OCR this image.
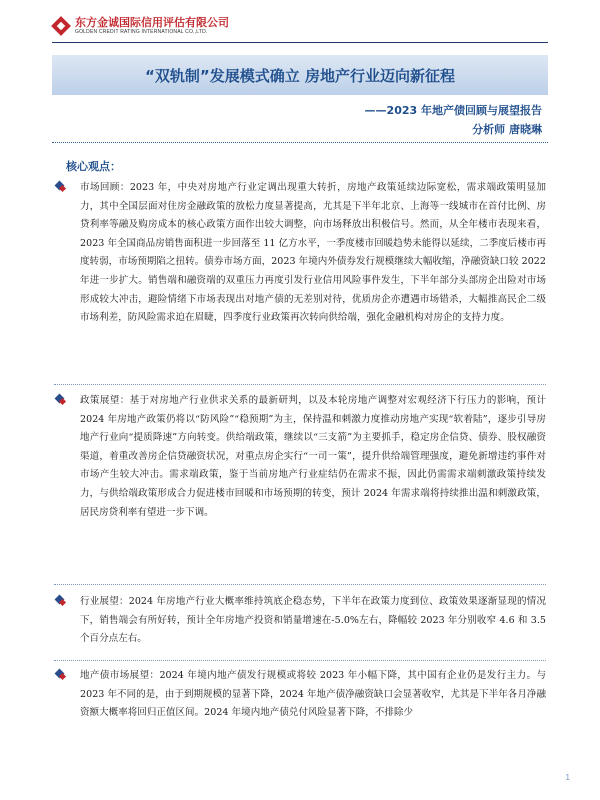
东方金诚国际信用评估有限公司
GOLDEN CREDIT RATING INTERNATIONAL CO.,LTD.
“双轨制”发展模式确立 房地产行业迈向新征程
——2023 年地产债回顾与展望报告
分析师 唐晓琳
核心观点：
市场回顾：2023 年，中央对房地产行业定调出现重大转折，房地产政策延续边际宽松，需求端政策明显加力，其中全国层面对住房金融政策的放松力度显著提高，尤其是下半年北京、上海等一线城市在首付比例、房贷利率等融及购房成本的核心政策方面作出较大调整，向市场释放出积极信号。然而，从全年楼市表现来看，2023 年全国商品房销售面积进一步回落至 11 亿方水平，一季度楼市回暖趋势未能得以延续，二季度后楼市再度转弱，市场预期陷之扭转。债券市场方面，2023 年境内外债券发行规模继续大幅收缩，净融资缺口较 2022 年进一步扩大。销售端和融资端的双重压力再度引发行业信用风险事件发生，下半年部分头部房企出险对市场形成较大冲击，避险情绪下市场表现出对地产债的无差别对待，优质房企亦遭遇市场错杀，大幅推高民企二级市场利差，防风险需求迫在眉睫，四季度行业政策再次转向供给端，强化金融机构对房企的支持力度。
政策展望：基于对房地产行业供求关系的最新研判，以及本轮房地产调整对宏观经济下行压力的影响，预计 2024 年房地产政策仍将以“防风险”“稳预期”为主，保持温和刺激力度推动房地产实现“软着陆”，逐步引导房地产行业向“提质降速”方向转变。供给端政策，继续以“三支箭”为主要抓手，稳定房企信贷、债券、股权融资渠道，着重改善房企信贷融资状况，对重点房企实行“一司一策”，提升供给端管理强度，避免新增违约事件对市场产生较大冲击。需求端政策，鉴于当前房地产行业症结仍在需求不振，因此仍需需求端刺激政策持续发力，与供给端政策形成合力促进楼市回暖和市场预期的转变，预计 2024 年需求端将持续推出温和刺激政策，居民房贷利率有望进一步下调。
行业展望：2024 年房地产行业大概率维持筑底企稳态势，下半年在政策力度到位、政策效果逐渐显现的情况下，销售端会有所好转，预计全年房地产投资和销量增速在-5.0%左右，降幅较 2023 年分别收窄 4.6 和 3.5 个百分点左右。
地产债市场展望：2024 年境内地产债发行规模或将较 2023 年小幅下降，其中国有企业仍是发行主力。与 2023 年不同的是，由于到期规模的显著下降，2024 年地产债净融资缺口会显著收窄，尤其是下半年各月净融资额大概率将回归正值区间。2024 年境内地产债兑付风险显著下降，不排除少
1
